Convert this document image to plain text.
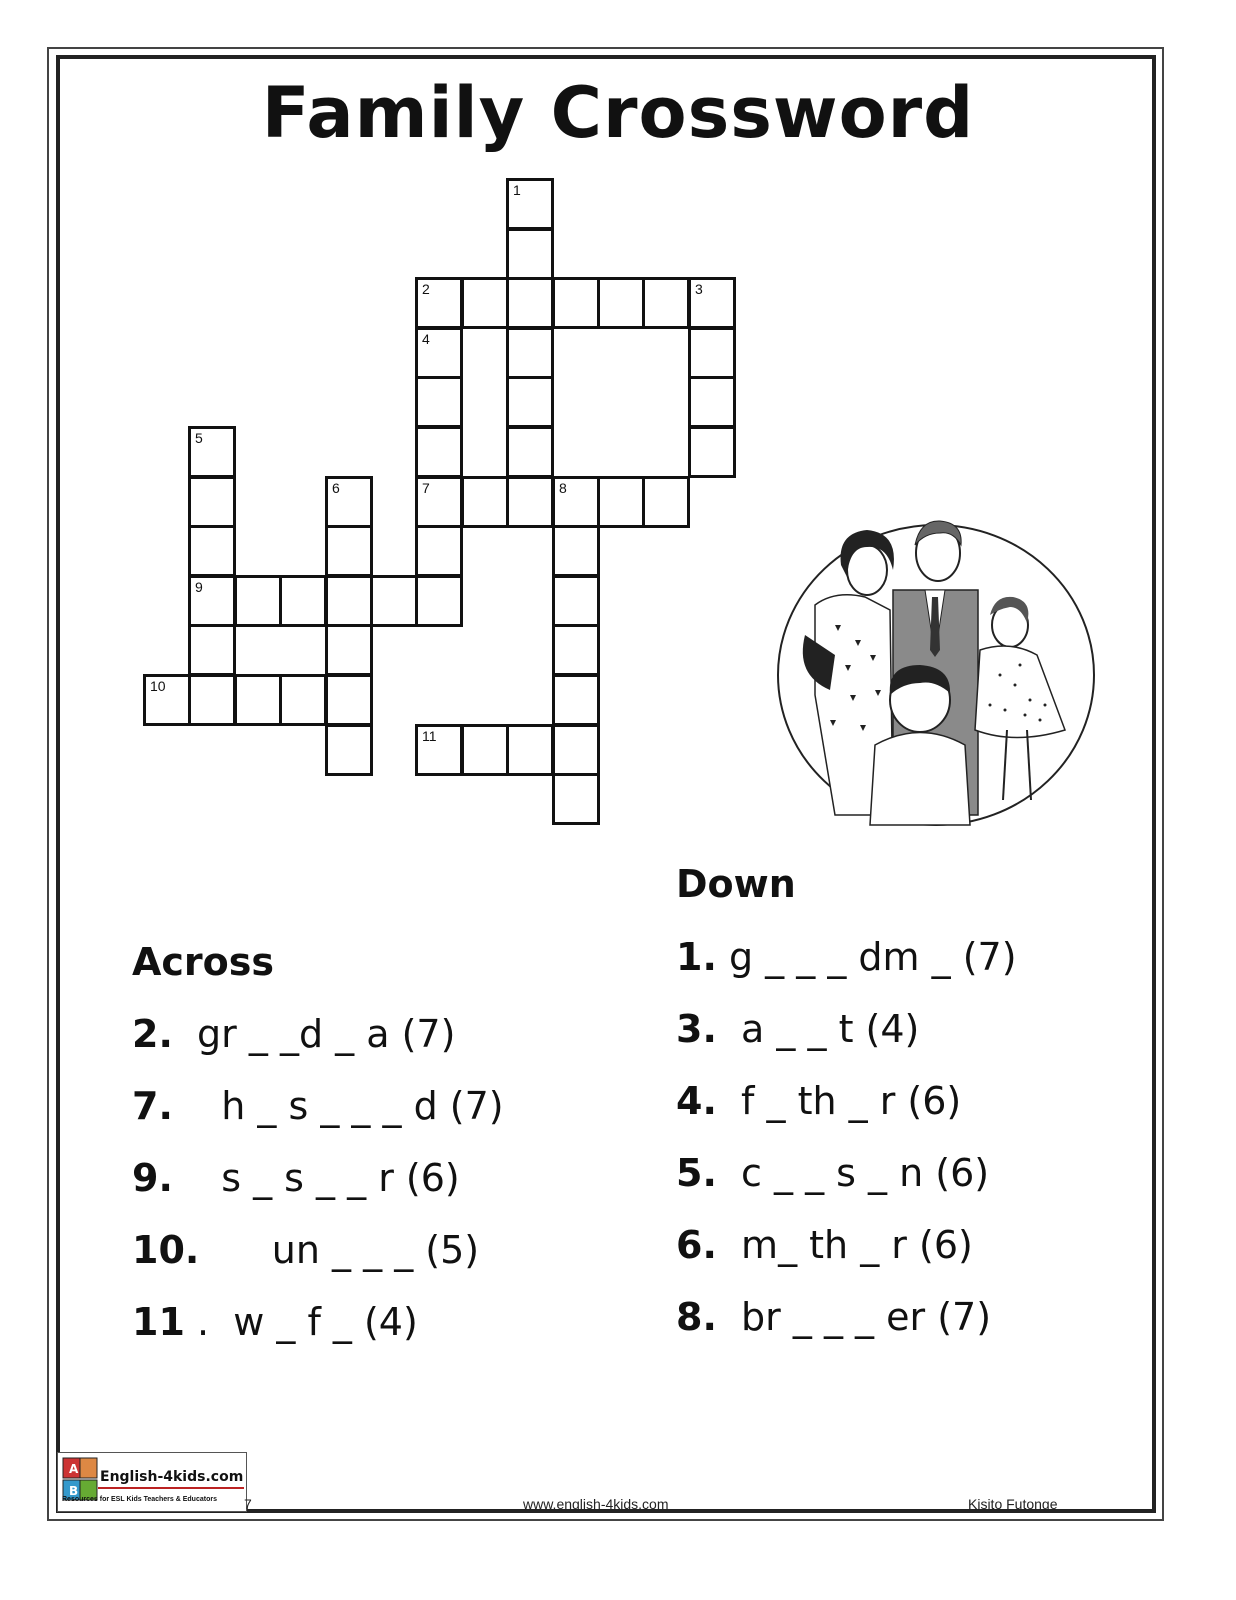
Family Crossword
1
2	3
4
7
5
9
6	8
10
11
Across
2.  gr _ _d _ a (7)
7.    h _ s _ _ _ d (7)
9.    s _ s _ _ r (6)
10.      un _ _ _ (5)
11 .  w _ f _ (4)
Down
1. g _ _ _ dm _ (7)
3.  a _ _ t (4)
4.  f _ th _ r (6)
5.  c _ _ s _ n (6)
6.  m_ th _ r (6)
8.  br _ _ _ er (7)
A
B
English-4kids.com
Resources for ESL Kids Teachers & Educators 7	www.english-4kids.com	Kisito Futonge
